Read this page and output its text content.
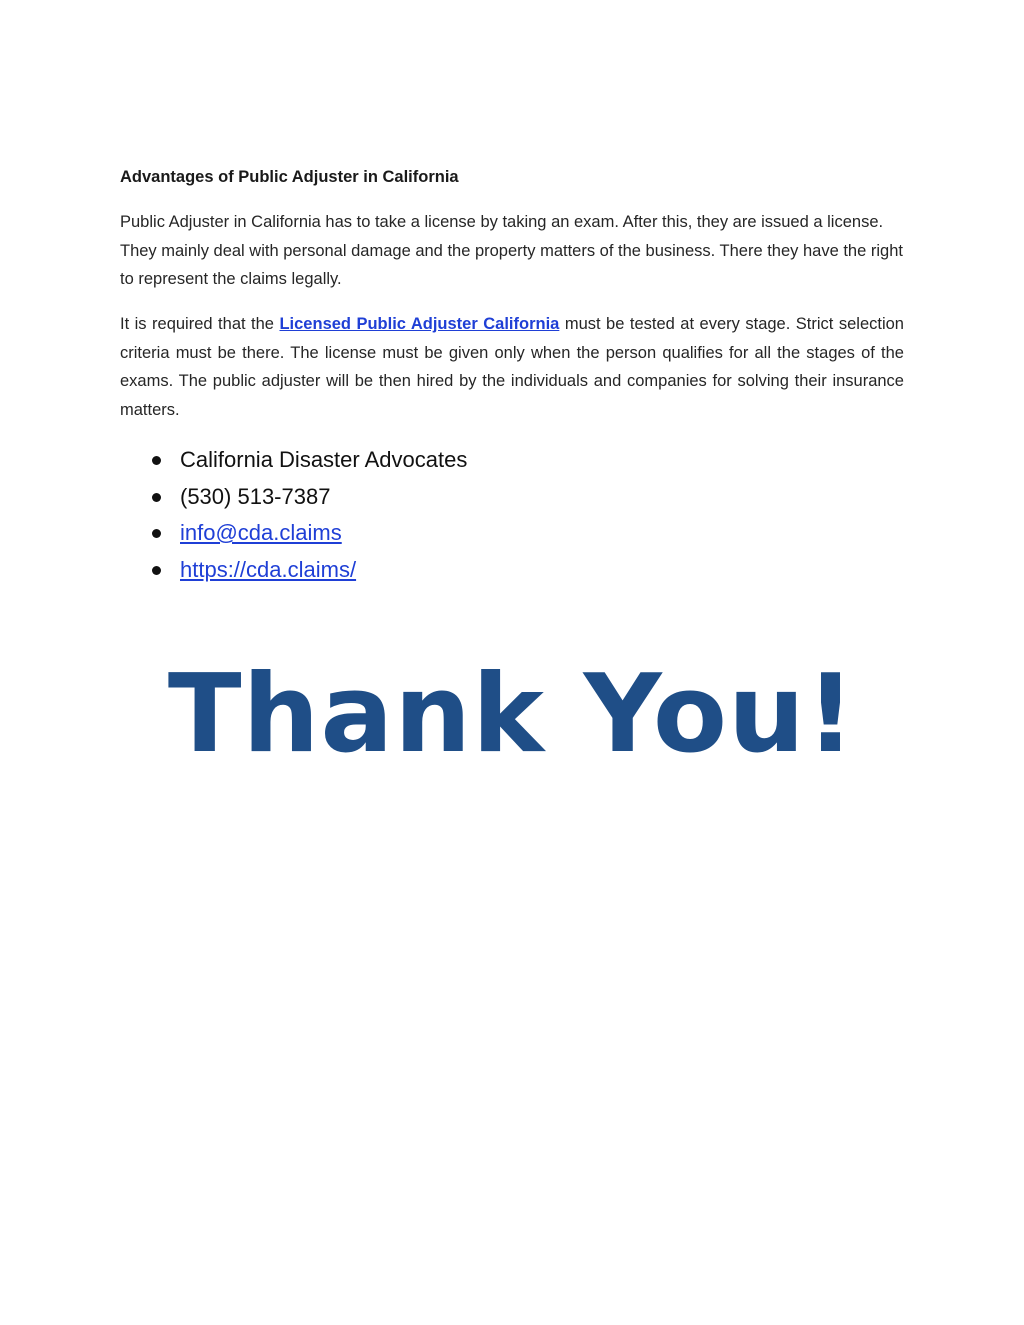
Advantages of Public Adjuster in California

Public Adjuster in California has to take a license by taking an exam. After this, they are issued a license. They mainly deal with personal damage and the property matters of the business. There they have the right to represent the claims legally.

It is required that the Licensed Public Adjuster California must be tested at every stage. Strict selection criteria must be there. The license must be given only when the person qualifies for all the stages of the exams. The public adjuster will be then hired by the individuals and companies for solving their insurance matters.

California Disaster Advocates
(530) 513-7387
info@cda.claims
https://cda.claims/
Thank You!
